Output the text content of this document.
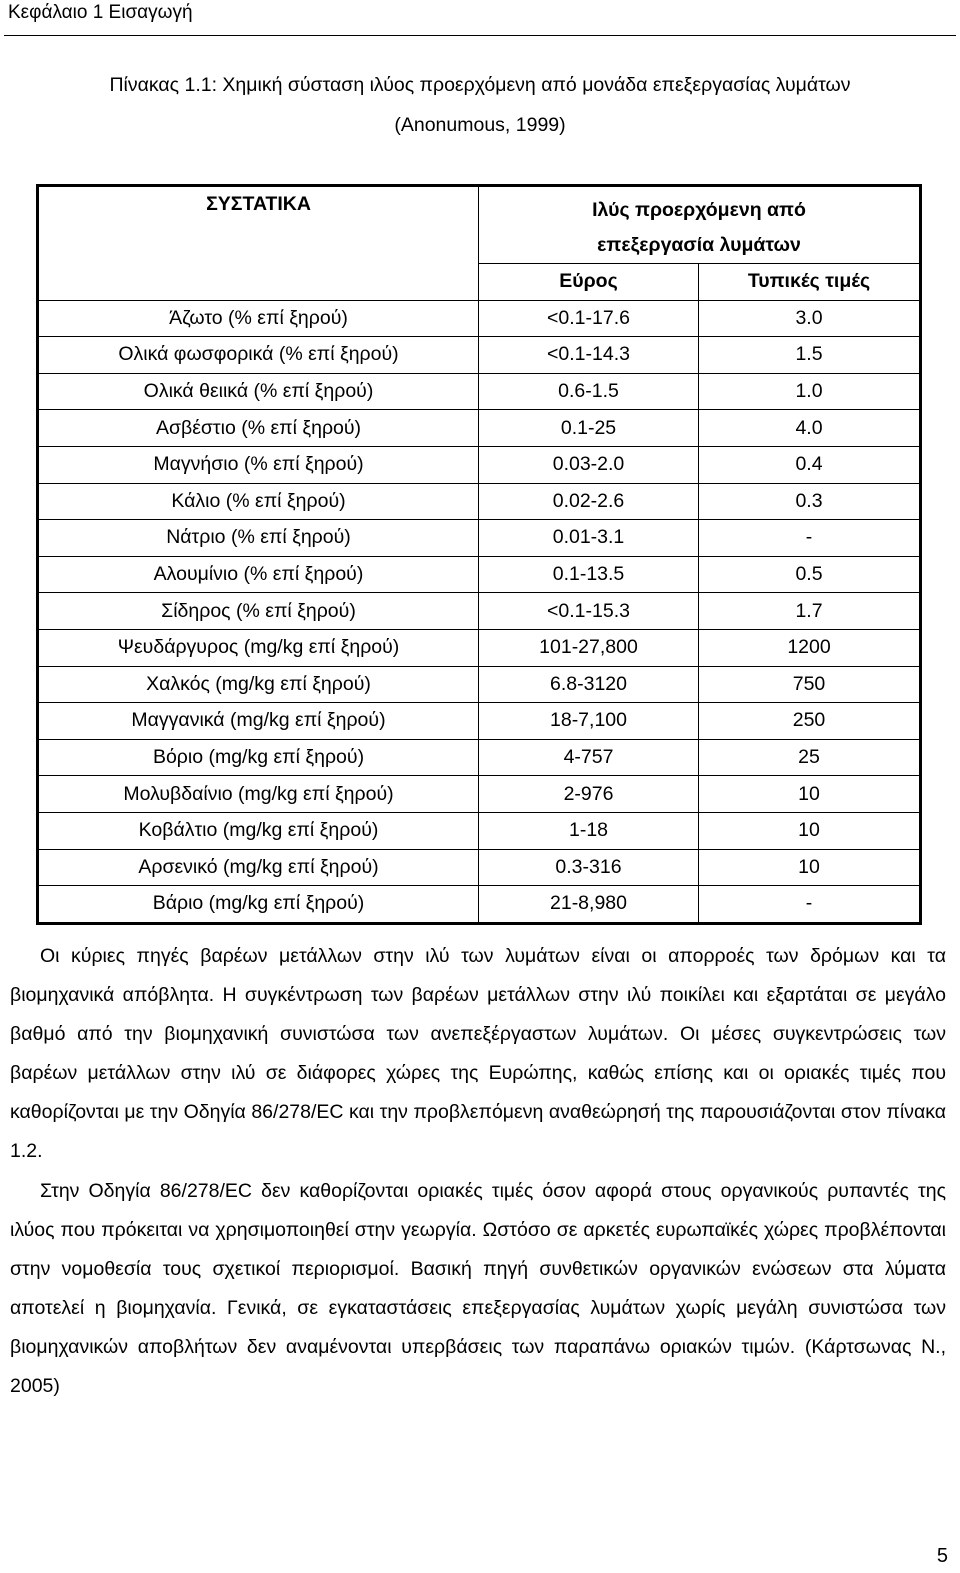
Κεφάλαιο 1 Εισαγωγή
Πίνακας 1.1: Χημική σύσταση ιλύος προερχόμενη από μονάδα επεξεργασίας λυμάτων
(Anonumous, 1999)
ΣΥΣΤΑΤΙΚΑ	Ιλύς προερχόμενη από
επεξεργασία λυμάτων	

	Εύρος	Τυπικές τιμές
Άζωτο (% επί ξηρού)	<0.1-17.6	3.0
Ολικά φωσφορικά (% επί ξηρού)	<0.1-14.3	1.5
Ολικά θειικά (% επί ξηρού)	0.6-1.5	1.0
Ασβέστιο (% επί ξηρού)	0.1-25	4.0
Μαγνήσιο (% επί ξηρού)	0.03-2.0	0.4
Κάλιο (% επί ξηρού)	0.02-2.6	0.3
Νάτριο (% επί ξηρού)	0.01-3.1	-
Αλουμίνιο (% επί ξηρού)	0.1-13.5	0.5
Σίδηρος (% επί ξηρού)	<0.1-15.3	1.7
Ψευδάργυρος (mg/kg επί ξηρού)	101-27,800	1200
Χαλκός (mg/kg επί ξηρού)	6.8-3120	750
Μαγγανικά (mg/kg επί ξηρού)	18-7,100	250
Βόριο (mg/kg επί ξηρού)	4-757	25
Μολυβδαίνιο (mg/kg επί ξηρού)	2-976	10
Κοβάλτιο (mg/kg επί ξηρού)	1-18	10
Αρσενικό (mg/kg επί ξηρού)	0.3-316	10
Βάριο (mg/kg επί ξηρού)	21-8,980	-
Οι κύριες πηγές βαρέων μετάλλων στην ιλύ των λυμάτων είναι οι απορροές των δρόμων και τα βιομηχανικά απόβλητα. Η συγκέντρωση των βαρέων μετάλλων στην ιλύ ποικίλει και εξαρτάται σε μεγάλο βαθμό από την βιομηχανική συνιστώσα των ανεπεξέργαστων λυμάτων. Οι μέσες συγκεντρώσεις των βαρέων μετάλλων στην ιλύ σε διάφορες χώρες της Ευρώπης, καθώς επίσης και οι οριακές τιμές που καθορίζονται με την Οδηγία 86/278/EC και την προβλεπόμενη αναθεώρησή της παρουσιάζονται στον πίνακα 1.2.
Στην Οδηγία 86/278/EC δεν καθορίζονται οριακές τιμές όσον αφορά στους οργανικούς ρυπαντές της ιλύος που πρόκειται να χρησιμοποιηθεί στην γεωργία. Ωστόσο σε αρκετές ευρωπαϊκές χώρες προβλέπονται στην νομοθεσία τους σχετικοί περιορισμοί. Βασική πηγή συνθετικών οργανικών ενώσεων στα λύματα αποτελεί η βιομηχανία. Γενικά, σε εγκαταστάσεις επεξεργασίας λυμάτων χωρίς μεγάλη συνιστώσα των βιομηχανικών αποβλήτων δεν αναμένονται υπερβάσεις των παραπάνω οριακών τιμών. (Κάρτσωνας Ν., 2005)
5
